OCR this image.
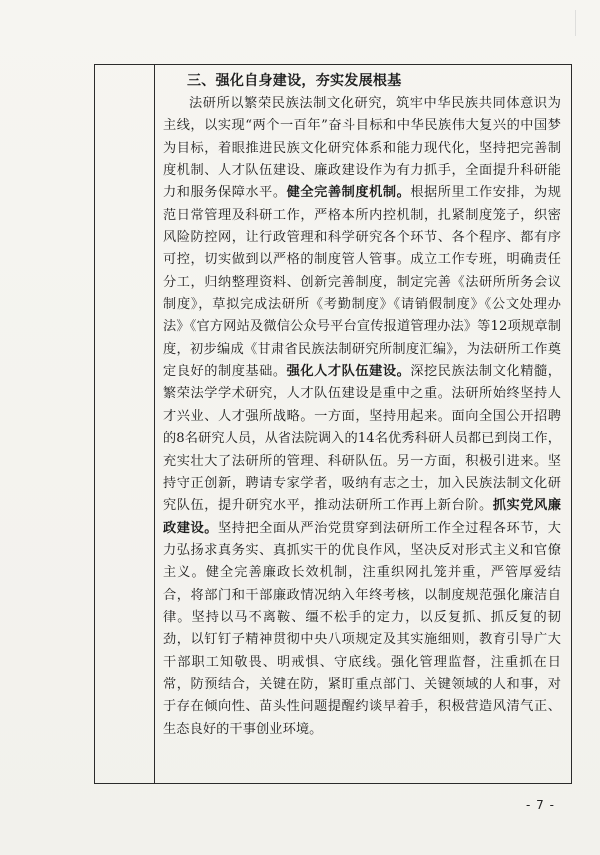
三、强化自身建设，夯实发展根基

法研所以繁荣民族法制文化研究，筑牢中华民族共同体意识为主线，以实现“两个一百年”奋斗目标和中华民族伟大复兴的中国梦为目标，着眼推进民族文化研究体系和能力现代化，坚持把完善制度机制、人才队伍建设、廉政建设作为有力抓手，全面提升科研能力和服务保障水平。健全完善制度机制。根据所里工作安排，为规范日常管理及科研工作，严格本所内控机制，扎紧制度笼子，织密风险防控网，让行政管理和科学研究各个环节、各个程序、都有序可控，切实做到以严格的制度管人管事。成立工作专班，明确责任分工，归纳整理资料、创新完善制度，制定完善《法研所所务会议制度》，草拟完成法研所《考勤制度》《请销假制度》《公文处理办法》《官方网站及微信公众号平台宣传报道管理办法》等12项规章制度，初步编成《甘肃省民族法制研究所制度汇编》，为法研所工作奠定良好的制度基础。强化人才队伍建设。深挖民族法制文化精髓，繁荣法学学术研究，人才队伍建设是重中之重。法研所始终坚持人才兴业、人才强所战略。一方面，坚持用起来。面向全国公开招聘的8名研究人员，从省法院调入的14名优秀科研人员都已到岗工作，充实壮大了法研所的管理、科研队伍。另一方面，积极引进来。坚持守正创新，聘请专家学者，吸纳有志之士，加入民族法制文化研究队伍，提升研究水平，推动法研所工作再上新台阶。抓实党风廉政建设。坚持把全面从严治党贯穿到法研所工作全过程各环节，大力弘扬求真务实、真抓实干的优良作风，坚决反对形式主义和官僚主义。健全完善廉政长效机制，注重织网扎笼并重，严管厚爱结合，将部门和干部廉政情况纳入年终考核，以制度规范强化廉洁自律。坚持以马不离鞍、缰不松手的定力，以反复抓、抓反复的韧劲，以钉钉子精神贯彻中央八项规定及其实施细则，教育引导广大干部职工知敬畏、明戒惧、守底线。强化管理监督，注重抓在日常，防预结合，关键在防，紧盯重点部门、关键领域的人和事，对于存在倾向性、苗头性问题提醒约谈早着手，积极营造风清气正、生态良好的干事创业环境。

- 7 -
